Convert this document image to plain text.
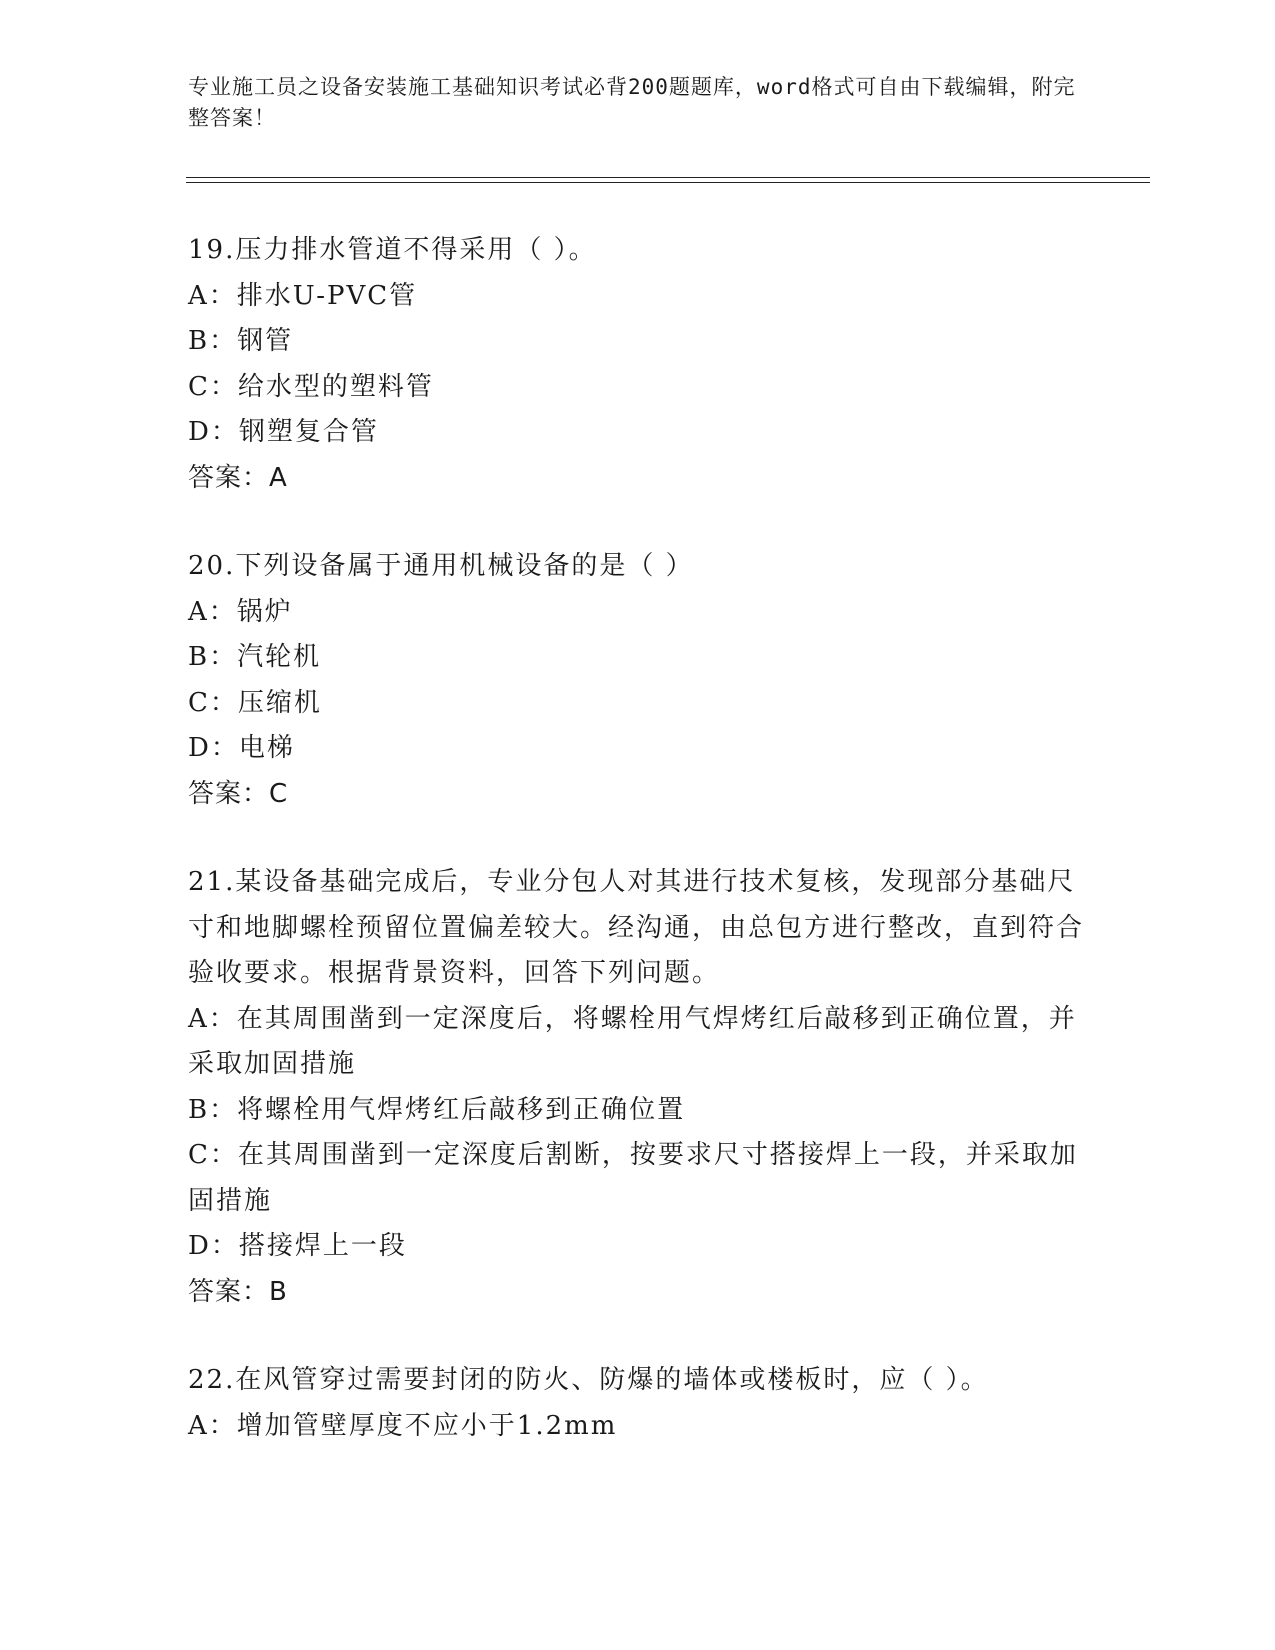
专业施工员之设备安装施工基础知识考试必背200题题库，word格式可自由下载编辑，附完整答案！
19.压力排水管道不得采用（ ）。
A：排水U-PVC管
B：钢管
C：给水型的塑料管
D：钢塑复合管
答案：A
20.下列设备属于通用机械设备的是（ ）
A：锅炉
B：汽轮机
C：压缩机
D：电梯
答案：C
21.某设备基础完成后，专业分包人对其进行技术复核，发现部分基础尺寸和地脚螺栓预留位置偏差较大。经沟通，由总包方进行整改，直到符合验收要求。根据背景资料，回答下列问题。
A：在其周围凿到一定深度后，将螺栓用气焊烤红后敲移到正确位置，并采取加固措施
B：将螺栓用气焊烤红后敲移到正确位置
C：在其周围凿到一定深度后割断，按要求尺寸搭接焊上一段，并采取加固措施
D：搭接焊上一段
答案：B
22.在风管穿过需要封闭的防火、防爆的墙体或楼板时，应（ ）。
A：增加管壁厚度不应小于1.2mm
